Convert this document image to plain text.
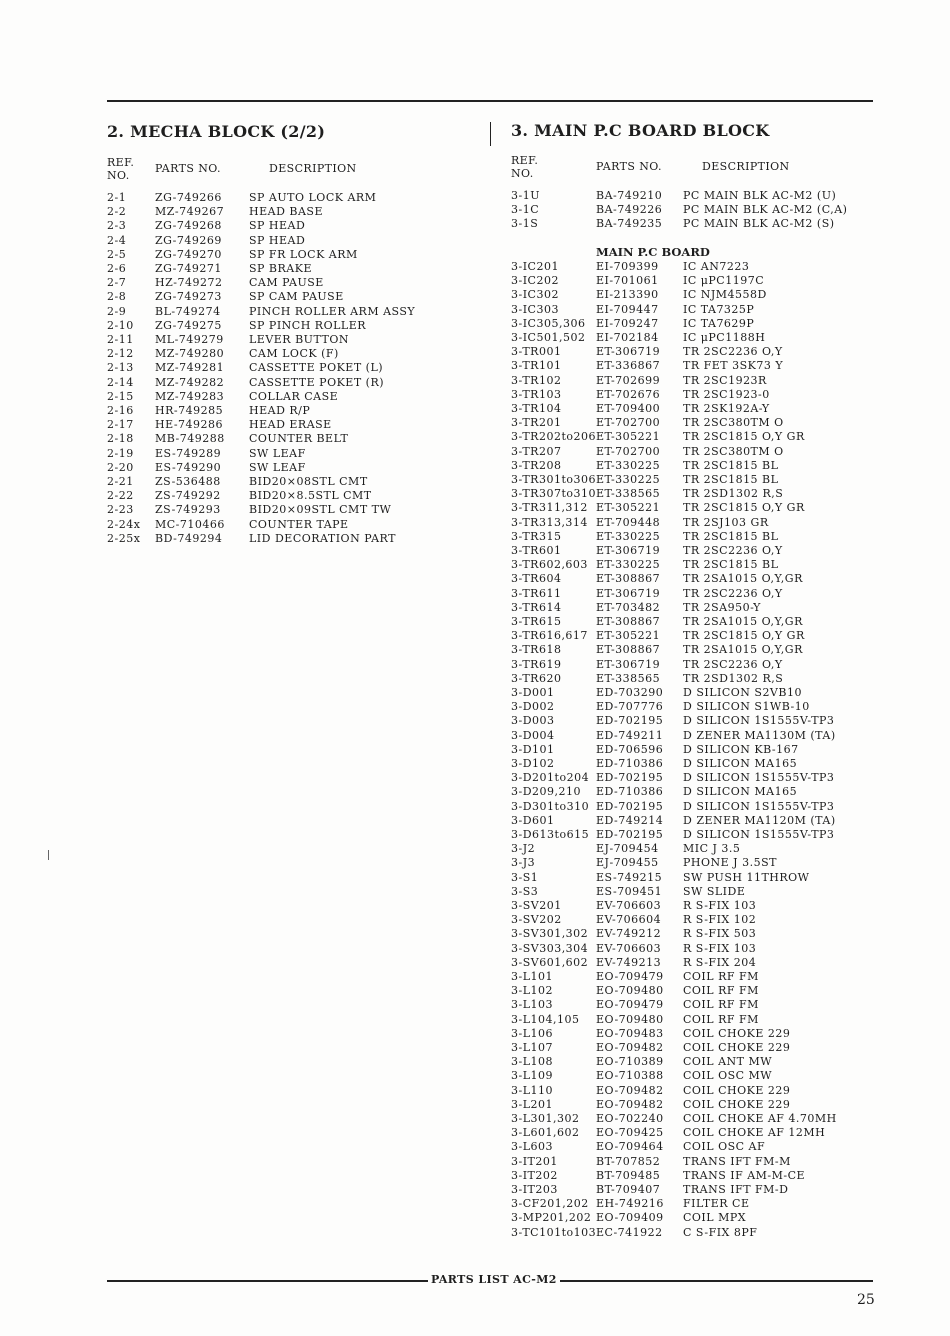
2. MECHA BLOCK (2/2)
REF.
NO.
PARTS NO.	DESCRIPTION
2-1	ZG-749266 SP AUTO LOCK ARM
2-2	MZ-749267 HEAD BASE
2-3	ZG-749268 SP HEAD
2-4	ZG-749269 SP HEAD
2-5	ZG-749270 SP FR LOCK ARM
2-6	ZG-749271 SP BRAKE
2-7	HZ-749272 CAM PAUSE
2-8	ZG-749273 SP CAM PAUSE
2-9	BL-749274	PINCH ROLLER ARM ASSY
2-10 ZG-749275 SP PINCH ROLLER
2-11 ML-749279 LEVER BUTTON
2-12 MZ-749280 CAM LOCK (F)
2-13 MZ-749281 CASSETTE POKET (L)
2-14 MZ-749282 CASSETTE POKET (R)
2-15 MZ-749283 COLLAR CASE
2-16 HR-749285 HEAD R/P
2-17 HE-749286 HEAD ERASE
2-18 MB-749288 COUNTER BELT
2-19 ES-749289	SW LEAF
2-20 ES-749290	SW LEAF
2-21 ZS-536488	BID20×08STL CMT
2-22 ZS-749292	BID20×8.5STL CMT
2-23 ZS-749293	BID20×09STL CMT TW
2-24x MC-710466 COUNTER TAPE
2-25x BD-749294 LID DECORATION PART
3. MAIN P.C BOARD BLOCK
REF.
NO.
PARTS NO.	DESCRIPTION
3-1U	BA-749210 PC MAIN BLK AC-M2 (U)
3-1C	BA-749226 PC MAIN BLK AC-M2 (C,A)
3-1S	BA-749235 PC MAIN BLK AC-M2 (S)
MAIN P.C BOARD
3-IC201	EI-709399 IC AN7223
3-IC202	EI-701061 IC μPC1197C
3-IC302	EI-213390 IC NJM4558D
3-IC303	EI-709447 IC TA7325P
3-IC305,306 EI-709247 IC TA7629P
3-IC501,502 EI-702184 IC μPC1188H
3-TR001	ET-306719 TR 2SC2236 O,Y
3-TR101	ET-336867 TR FET 3SK73 Y
3-TR102	ET-702699 TR 2SC1923R
3-TR103	ET-702676 TR 2SC1923-0
3-TR104	ET-709400 TR 2SK192A-Y
3-TR201	ET-702700 TR 2SC380TM O
3-TR202to206 ET-305221 TR 2SC1815 O,Y GR
3-TR207	ET-702700 TR 2SC380TM O
3-TR208	ET-330225 TR 2SC1815 BL
3-TR301to306 ET-330225 TR 2SC1815 BL
3-TR307to310 ET-338565 TR 2SD1302 R,S
3-TR311,312 ET-305221 TR 2SC1815 O,Y GR
3-TR313,314 ET-709448 TR 2SJ103 GR
3-TR315	ET-330225 TR 2SC1815 BL
3-TR601	ET-306719 TR 2SC2236 O,Y
3-TR602,603 ET-330225 TR 2SC1815 BL
3-TR604	ET-308867 TR 2SA1015 O,Y,GR
3-TR611	ET-306719 TR 2SC2236 O,Y
3-TR614	ET-703482 TR 2SA950-Y
3-TR615	ET-308867 TR 2SA1015 O,Y,GR
3-TR616,617 ET-305221 TR 2SC1815 O,Y GR
3-TR618	ET-308867 TR 2SA1015 O,Y,GR
3-TR619	ET-306719 TR 2SC2236 O,Y
3-TR620	ET-338565 TR 2SD1302 R,S
3-D001	ED-703290 D SILICON S2VB10
3-D002	ED-707776 D SILICON S1WB-10
3-D003	ED-702195 D SILICON 1S1555V-TP3
3-D004	ED-749211 D ZENER MA1130M (TA)
3-D101	ED-706596 D SILICON KB-167
3-D102	ED-710386 D SILICON MA165
3-D201to204 ED-702195 D SILICON 1S1555V-TP3
3-D209,210 ED-710386 D SILICON MA165
3-D301to310 ED-702195 D SILICON 1S1555V-TP3
3-D601	ED-749214 D ZENER MA1120M (TA)
3-D613to615 ED-702195 D SILICON 1S1555V-TP3
3-J2	EJ-709454 MIC J 3.5
3-J3	EJ-709455 PHONE J 3.5ST
3-S1	ES-749215 SW PUSH 11THROW
3-S3	ES-709451 SW SLIDE
3-SV201	EV-706603 R S-FIX 103
3-SV202	EV-706604 R S-FIX 102
3-SV301,302 EV-749212 R S-FIX 503
3-SV303,304 EV-706603 R S-FIX 103
3-SV601,602 EV-749213 R S-FIX 204
3-L101	EO-709479 COIL RF FM
3-L102	EO-709480 COIL RF FM
3-L103	EO-709479 COIL RF FM
3-L104,105 EO-709480 COIL RF FM
3-L106	EO-709483 COIL CHOKE 229
3-L107	EO-709482 COIL CHOKE 229
3-L108	EO-710389 COIL ANT MW
3-L109	EO-710388 COIL OSC MW
3-L110	EO-709482 COIL CHOKE 229
3-L201	EO-709482 COIL CHOKE 229
3-L301,302 EO-702240 COIL CHOKE AF 4.70MH
3-L601,602 EO-709425 COIL CHOKE AF 12MH
3-L603	EO-709464 COIL OSC AF
3-IT201	BT-707852 TRANS IFT FM-M
3-IT202	BT-709485 TRANS IF AM-M-CE
3-IT203	BT-709407 TRANS IFT FM-D
3-CF201,202 EH-749216 FILTER CE
3-MP201,202 EO-709409 COIL MPX
3-TC101to103 EC-741922 C S-FIX 8PF
PARTS LIST AC-M2
25
